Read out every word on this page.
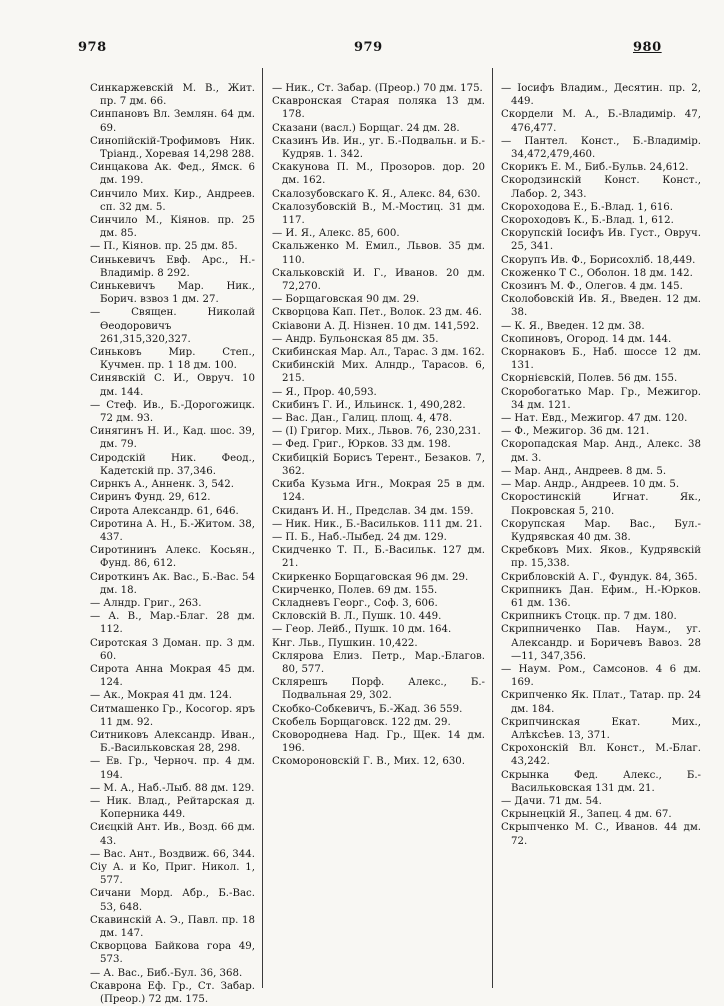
978	979	980

Синкаржевскій М. В., Жит. пр. 7 дм. 66.

Синпановъ Вл. Землян. 64 дм. 69.

Синопійскій-Трофимовъ Ник. Тріанд., Хоревая 14,298 288.

Синцакова Ак. Фед., Ямск. 6 дм. 199.

Синчило Мих. Кир., Андреев. сп. 32 дм. 5.

Синчило М., Кіянов. пр. 25 дм. 85.

— П., Кіянов. пр. 25 дм. 85.

Синькевичъ Евф. Арс., Н.-Владимір. 8 292.

Синькевичъ Мар. Ник., Борич. взвоз 1 дм. 27.

— Священ. Николай Ѳеодоровичъ 261,315,320,327.

Синьковъ Мир. Степ., Кучмен. пр. 1 18 дм. 100.

Синявскій С. И., Овруч. 10 дм. 144.

— Стеф. Ив., Б.-Дорогожицк. 72 дм. 93.

Синягинъ Н. И., Кад. шос. 39, дм. 79.

Сиродскій Ник. Феод., Кадетскій пр. 37,346.

Сирнкъ А., Анненк. 3, 542.

Сиринъ Фунд. 29, 612.

Сирота Александр. 61, 646.

Сиротина А. Н., Б.-Житом. 38, 437.

Сиротининъ Алекс. Косьян., Фунд. 86, 612.

Сироткинъ Ак. Вас., Б.-Вас. 54 дм. 18.

— Алндр. Григ., 263.

— А. В., Мар.-Благ. 28 дм. 112.

Сиротская 3 Доман. пр. 3 дм. 60.

Сирота Анна Мокрая 45 дм. 124.

— Ак., Мокрая 41 дм. 124.

Ситмашенко Гр., Косогор. яръ 11 дм. 92.

Ситниковъ Александр. Иван., Б.-Васильковская 28, 298.

— Ев. Гр., Черноч. пр. 4 дм. 194.

— М. А., Наб.-Лыб. 88 дм. 129.

— Ник. Влад., Рейтарская д. Коперника 449.

Сиєцкій Ант. Ив., Возд. 66 дм. 43.

— Вас. Ант., Воздвиж. 66, 344.

Сіу А. и Ко, Приг. Никол. 1, 577.

Сичани Морд. Абр., Б.-Вас. 53, 648.

Скавинскій А. Э., Павл. пр. 18 дм. 147.

Скворцова Байкова гора 49, 573.

— А. Вас., Биб.-Бул. 36, 368.

Скаврона Еф. Гр., Ст. Забар. (Преор.) 72 дм. 175.

— Ник., Ст. Забар. (Преор.) 70 дм. 175.

Скавронская Старая поляка 13 дм. 178.

Сказани (васл.) Борщаг. 24 дм. 28.

Сказинъ Ив. Ин., уг. Б.-Подвальн. и Б.-Кудряв. 1. 342.

Скакунова П. М., Прозоров. дор. 20 дм. 162.

Скалозубовскаго К. Я., Алекс. 84, 630.

Скалозубовскій В., М.-Мостиц. 31 дм. 117.

— И. Я., Алекс. 85, 600.

Скальженко М. Емил., Львов. 35 дм. 110.

Скальковскій И. Г., Иванов. 20 дм. 72,270.

— Борщаговская 90 дм. 29.

Скворцова Кап. Пет., Волок. 23 дм. 46.

Скіавони А. Д. Нізнен. 10 дм. 141,592.

— Андр. Бульонская 85 дм. 35.

Скибинская Мар. Ал., Тарас. 3 дм. 162.

Скибинскій Мих. Алндр., Тарасов. 6, 215.

— Я., Прор. 40,593.

Скибинъ Г. И., Ильинск. 1, 490,282.

— Вас. Дан., Галиц. площ. 4, 478.

— (I) Григор. Мих., Львов. 76, 230,231.

— Фед. Григ., Юрков. 33 дм. 198.

Скибицкій Борисъ Терент., Безаков. 7, 362.

Скиба Кузьма Игн., Мокрая 25 в дм. 124.

Скиданъ И. Н., Предслав. 34 дм. 159.

— Ник. Ник., Б.-Васильков. 111 дм. 21.

— П. Б., Наб.-Лыбед. 24 дм. 129.

Скидченко Т. П., Б.-Васильк. 127 дм. 21.

Скиркенко Борщаговская 96 дм. 29.

Скирченко, Полев. 69 дм. 155.

Складневъ Георг., Соф. 3, 606.

Скловскій В. Л., Пушк. 10. 449.

— Геор. Лейб., Пушк. 10 дм. 164.

Кнг. Льв., Пушкин. 10,422.

Склярова Елиз. Петр., Мар.-Благов. 80, 577.

Склярешъ Порф. Алекс., Б.-Подвальная 29, 302.

Скобко-Собкевичъ, Б.-Жад. 36 559.

Скобель Борщаговск. 122 дм. 29.

Сковороднева Над. Гр., Щек. 14 дм. 196.

Скомороновскій Г. В., Мих. 12, 630.

— Іосифъ Владим., Десятин. пр. 2, 449.

Скордели М. А., Б.-Владимір. 47, 476,477.

— Пантел. Конст., Б.-Владимір. 34,472,479,460.

Скорикъ Е. М., Биб.-Бульв. 24,612.

Скородзинскій Конст. Конст., Лабор. 2, 343.

Скороходова Е., Б.-Влад. 1, 616.

Скороходовъ К., Б.-Влад. 1, 612.

Скорупскій Іосифъ Ив. Густ., Овруч. 25, 341.

Скорупъ Ив. Ф., Борисохліб. 18,449.

Скоженко Т С., Оболон. 18 дм. 142.

Скозинъ М. Ф., Олегов. 4 дм. 145.

Сколобовскій Ив. Я., Введен. 12 дм. 38.

— К. Я., Введен. 12 дм. 38.

Скопиновъ, Огород. 14 дм. 144.

Скорнаковъ Б., Наб. шоссе 12 дм. 131.

Скорнієвскій, Полев. 56 дм. 155.

Скоробогатько Мар. Гр., Межигор. 34 дм. 121.

— Нат. Евд., Межигор. 47 дм. 120.

— Ф., Межигор. 36 дм. 121.

Скоропадская Мар. Анд., Алекс. 38 дм. 3.

— Мар. Анд., Андреев. 8 дм. 5.

— Мар. Андр., Андреев. 10 дм. 5.

Скоростинскій Игнат. Як., Покровская 5, 210.

Скорупская Мар. Вас., Бул.-Кудрявская 40 дм. 38.

Скребковъ Мих. Яков., Кудрявскій пр. 15,338.

Скрибловскій А. Г., Фундук. 84, 365.

Скрипникъ Дан. Ефим., Н.-Юрков. 61 дм. 136.

Скрипникъ Стоцк. пр. 7 дм. 180.

Скрипниченко Пав. Наум., уг. Александр. и Боричевъ Вавоз. 28—11, 347,356.

— Наум. Ром., Самсонов. 4 6 дм. 169.

Скрипченко Як. Плат., Татар. пр. 24 дм. 184.

Скрипчинская Екат. Мих., Алѣксѣев. 13, 371.

Скрохонскій Вл. Конст., М.-Благ. 43,242.

Скрынка Фед. Алекс., Б.-Васильковская 131 дм. 21.

— Дачи. 71 дм. 54.

Скрынецкій Я., Запец. 4 дм. 67.

Скрыпченко М. С., Иванов. 44 дм. 72.
